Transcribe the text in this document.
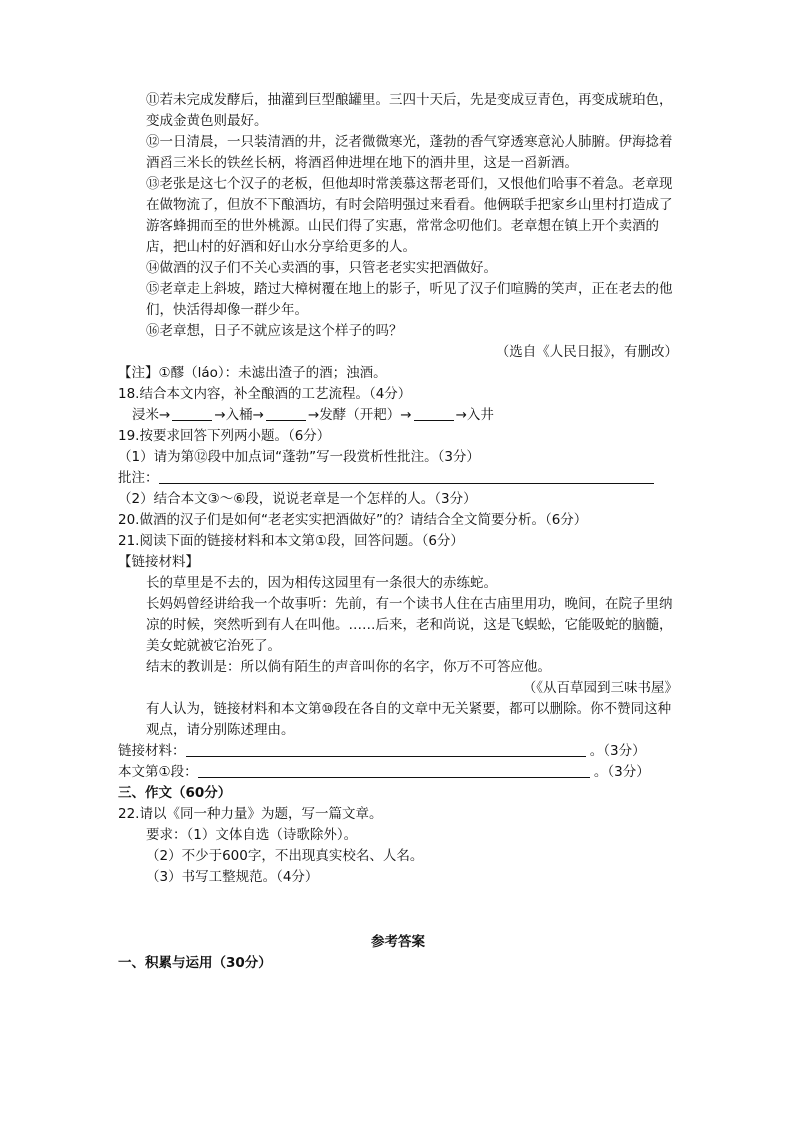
⑪若未完成发酵后，抽灌到巨型酿罐里。三四十天后，先是变成豆青色，再变成琥珀色，变成金黄色则最好。

⑫一日清晨，一只装清酒的井，泛者微微寒光，蓬勃的香气穿透寒意沁人肺腑。伊海捻着酒舀三米长的铁丝长柄，将酒舀伸进埋在地下的酒井里，这是一舀新酒。

⑬老张是这七个汉子的老板，但他却时常羡慕这帮老哥们，又恨他们哈事不着急。老章现在做物流了，但放不下酿酒坊，有时会陪明强过来看看。他俩联手把家乡山里村打造成了游客蜂拥而至的世外桃源。山民们得了实惠，常常念叨他们。老章想在镇上开个卖酒的店，把山村的好酒和好山水分享给更多的人。

⑭做酒的汉子们不关心卖酒的事，只管老老实实把酒做好。

⑮老章走上斜坡，踏过大樟树覆在地上的影子，听见了汉子们喧腾的笑声，正在老去的他们，快活得却像一群少年。

⑯老章想，日子不就应该是这个样子的吗？

（选自《人民日报》，有删改）

【注】①醪（láo）：未滤出渣子的酒；浊酒。

18.结合本文内容，补全酿酒的工艺流程。（4分）

浸米→	→入桶→	→发酵（开耙）→	→入井

19.按要求回答下列两小题。（6分）

（1）请为第⑫段中加点词“蓬勃”写一段赏析性批注。（3分）

批注：

（2）结合本文③～⑥段，说说老章是一个怎样的人。（3分）

20.做酒的汉子们是如何“老老实实把酒做好”的？请结合全文简要分析。（6分）

21.阅读下面的链接材料和本文第①段，回答问题。（6分）

【链接材料】

长的草里是不去的，因为相传这园里有一条很大的赤练蛇。

长妈妈曾经讲给我一个故事听：先前，有一个读书人住在古庙里用功，晚间，在院子里纳凉的时候，突然听到有人在叫他。……后来，老和尚说，这是飞蜈蚣，它能吸蛇的脑髓，

美女蛇就被它治死了。

结末的教训是：所以倘有陌生的声音叫你的名字，你万不可答应他。

（《从百草园到三味书屋》

有人认为，链接材料和本文第⑩段在各自的文章中无关紧要，都可以删除。你不赞同这种观点，请分别陈述理由。

链接材料：	。（3分）

本文第①段：	。（3分）

三、作文（60分）

22.请以《同一种力量》为题，写一篇文章。

要求：（1）文体自选（诗歌除外）。

（2）不少于600字，不出现真实校名、人名。

（3）书写工整规范。（4分）

参考答案

一、积累与运用（30分）
